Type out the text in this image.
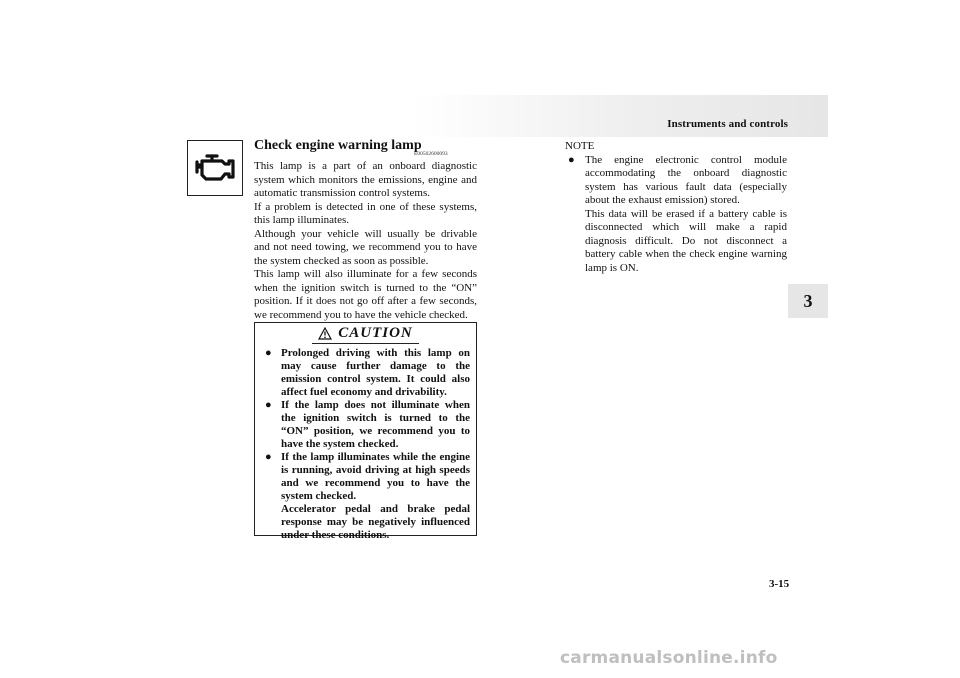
Instruments and controls
3
Check engine warning lamp
E00502600093

This lamp is a part of an onboard diagnostic system which monitors the emissions, engine and automatic transmission control systems.

If a problem is detected in one of these systems, this lamp illuminates.

Although your vehicle will usually be drivable and not need towing, we recommend you to have the system checked as soon as possible.

This lamp will also illuminate for a few seconds when the ignition switch is turned to the “ON” position. If it does not go off after a few seconds, we recommend you to have the vehicle checked.

CAUTION
● Prolonged driving with this lamp on may cause further damage to the emission control system. It could also affect fuel economy and drivability.
● If the lamp does not illuminate when the ignition switch is turned to the “ON” position, we recommend you to have the system checked.
● If the lamp illuminates while the engine is running, avoid driving at high speeds and we recommend you to have the system checked.
Accelerator pedal and brake pedal response may be negatively influenced under these conditions.
NOTE
● The engine electronic control module accommodating the onboard diagnostic system has various fault data (especially about the exhaust emission) stored.
This data will be erased if a battery cable is disconnected which will make a rapid diagnosis difficult. Do not disconnect a battery cable when the check engine warning lamp is ON.
3-15
carmanualsonline.info
